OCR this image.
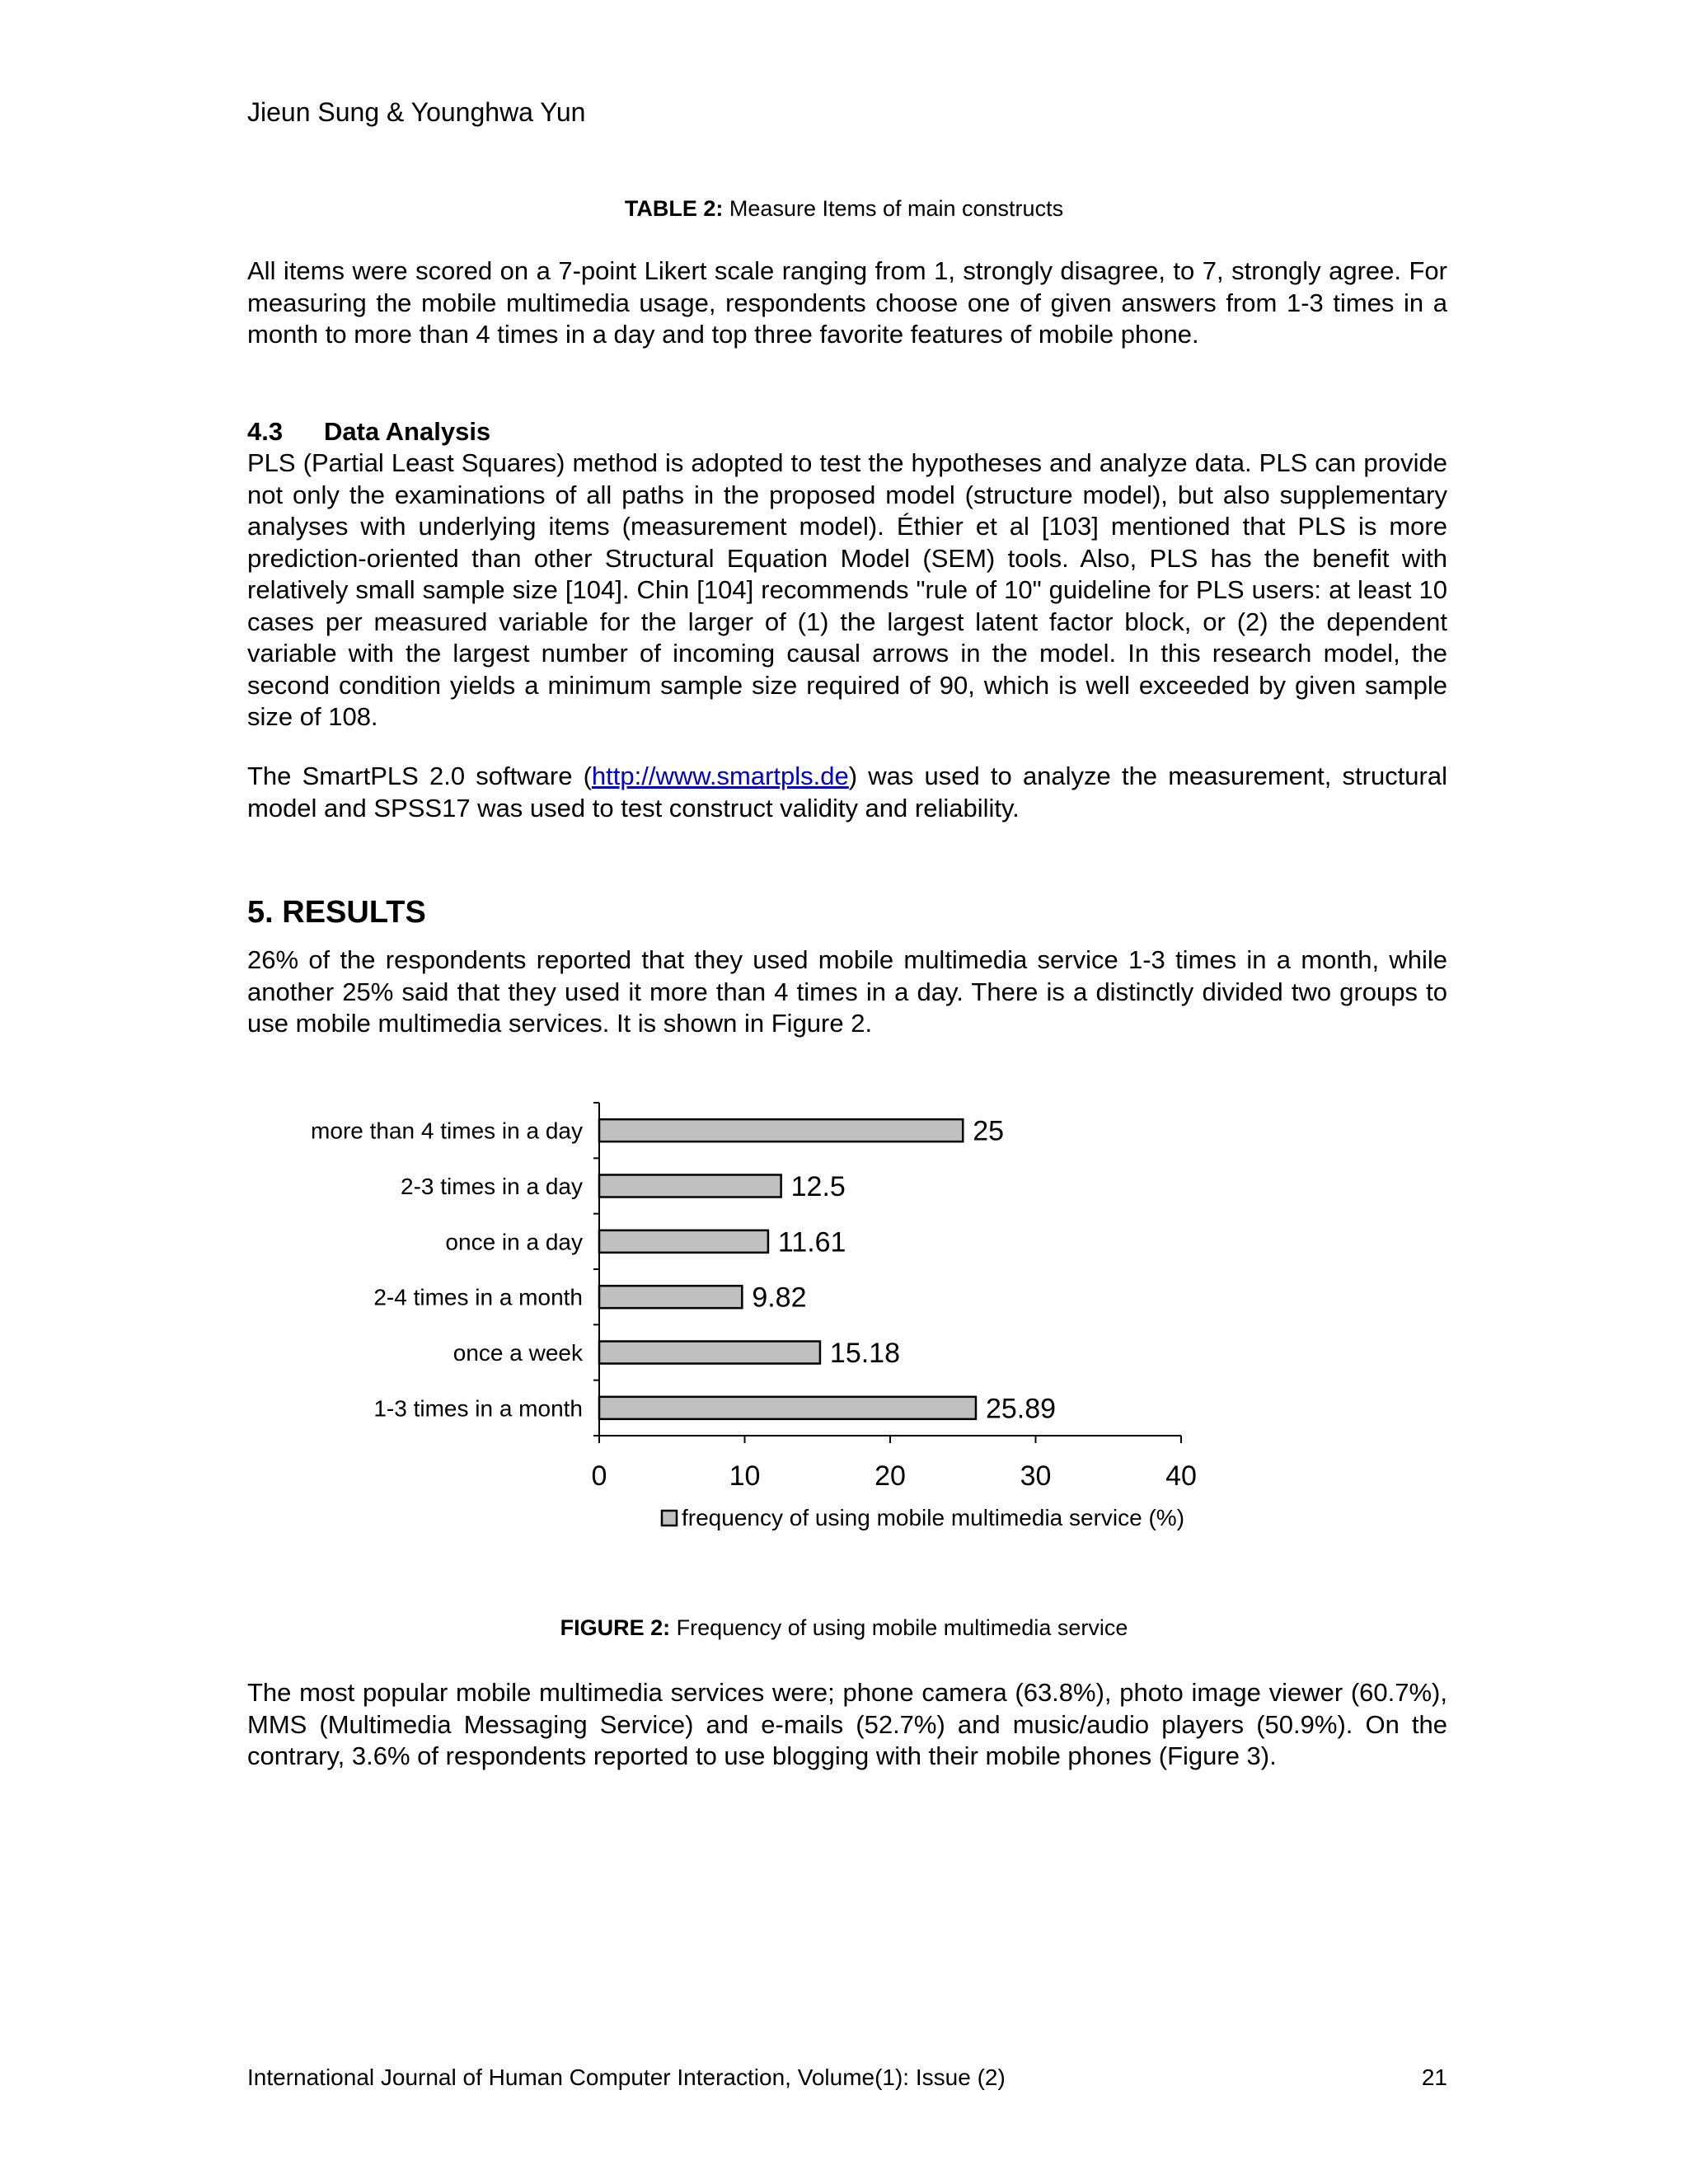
Jieun Sung & Younghwa Yun
TABLE 2: Measure Items of main constructs

All items were scored on a 7-point Likert scale ranging from 1, strongly disagree, to 7, strongly agree. For measuring the mobile multimedia usage, respondents choose one of given answers from 1-3 times in a month to more than 4 times in a day and top three favorite features of mobile phone.

4.3 Data Analysis

PLS (Partial Least Squares) method is adopted to test the hypotheses and analyze data. PLS can provide not only the examinations of all paths in the proposed model (structure model), but also supplementary analyses with underlying items (measurement model). Éthier et al [103] mentioned that PLS is more prediction-oriented than other Structural Equation Model (SEM) tools. Also, PLS has the benefit with relatively small sample size [104]. Chin [104] recommends "rule of 10" guideline for PLS users: at least 10 cases per measured variable for the larger of (1) the largest latent factor block, or (2) the dependent variable with the largest number of incoming causal arrows in the model. In this research model, the second condition yields a minimum sample size required of 90, which is well exceeded by given sample size of 108.

The SmartPLS 2.0 software (http://www.smartpls.de) was used to analyze the measurement, structural model and SPSS17 was used to test construct validity and reliability.

5. RESULTS

26% of the respondents reported that they used mobile multimedia service 1-3 times in a month, while another 25% said that they used it more than 4 times in a day. There is a distinctly divided two groups to use mobile multimedia services. It is shown in Figure 2.

more than 4 times in a day	25
2-3 times in a day	12.5
once in a day	11.61
2-4 times in a month	9.82
once a week	15.18
1-3 times in a month	25.89
0	10	20	30	40
frequency of using mobile multimedia service (%)
FIGURE 2: Frequency of using mobile multimedia service

The most popular mobile multimedia services were; phone camera (63.8%), photo image viewer (60.7%), MMS (Multimedia Messaging Service) and e-mails (52.7%) and music/audio players (50.9%). On the contrary, 3.6% of respondents reported to use blogging with their mobile phones (Figure 3).

International Journal of Human Computer Interaction, Volume(1): Issue (2)	21
